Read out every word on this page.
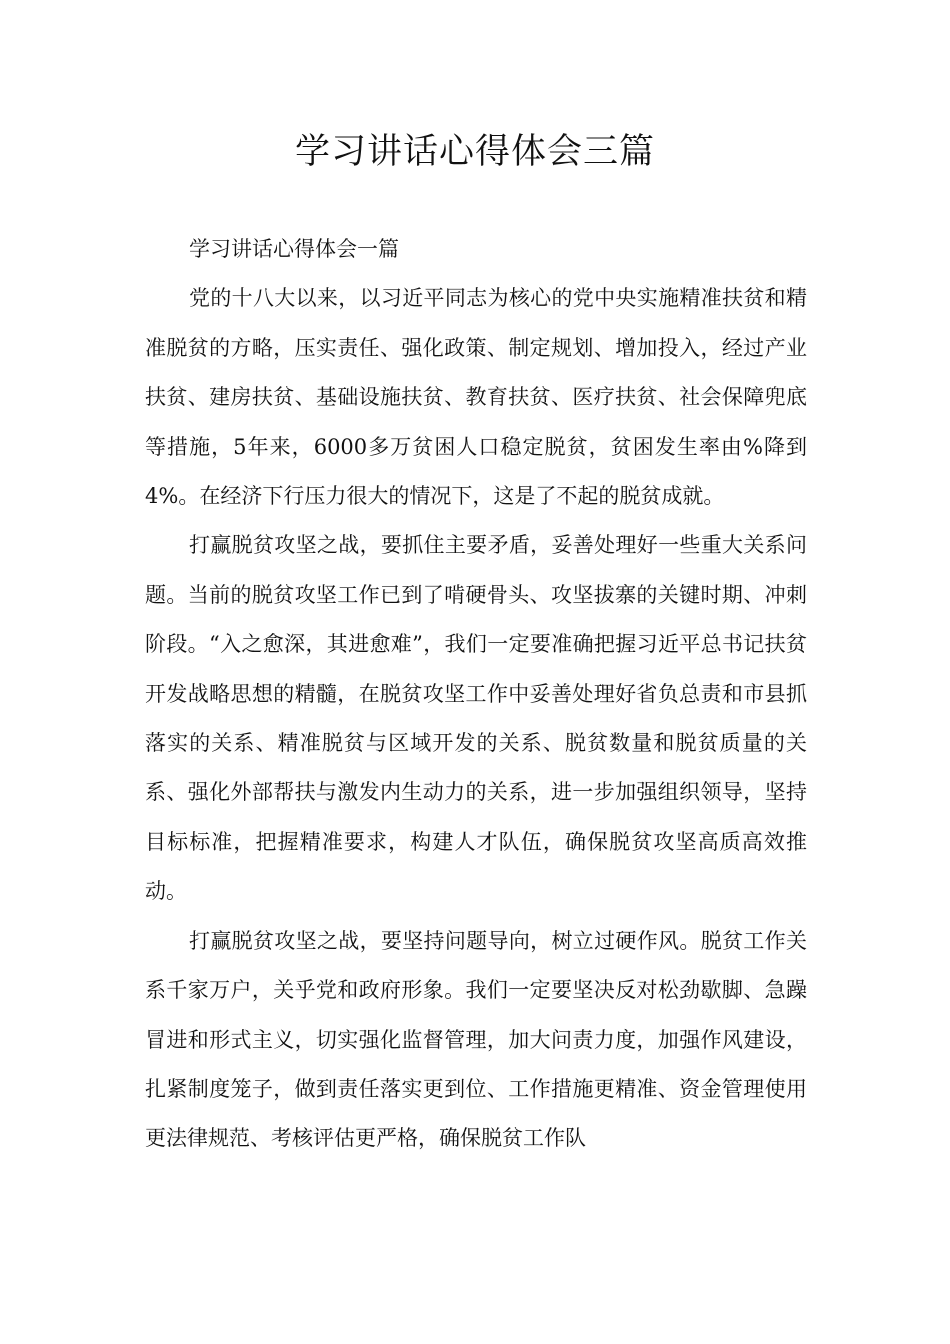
学习讲话心得体会三篇

学习讲话心得体会一篇

党的十八大以来，以习近平同志为核心的党中央实施精准扶贫和精准脱贫的方略，压实责任、强化政策、制定规划、增加投入，经过产业扶贫、建房扶贫、基础设施扶贫、教育扶贫、医疗扶贫、社会保障兜底等措施，5年来，6000多万贫困人口稳定脱贫，贫困发生率由%降到4%。在经济下行压力很大的情况下，这是了不起的脱贫成就。

打赢脱贫攻坚之战，要抓住主要矛盾，妥善处理好一些重大关系问题。当前的脱贫攻坚工作已到了啃硬骨头、攻坚拔寨的关键时期、冲刺阶段。“入之愈深，其进愈难”，我们一定要准确把握习近平总书记扶贫开发战略思想的精髓，在脱贫攻坚工作中妥善处理好省负总责和市县抓落实的关系、精准脱贫与区域开发的关系、脱贫数量和脱贫质量的关系、强化外部帮扶与激发内生动力的关系，进一步加强组织领导，坚持目标标准，把握精准要求，构建人才队伍，确保脱贫攻坚高质高效推动。

打赢脱贫攻坚之战，要坚持问题导向，树立过硬作风。脱贫工作关系千家万户，关乎党和政府形象。我们一定要坚决反对松劲歇脚、急躁冒进和形式主义，切实强化监督管理，加大问责力度，加强作风建设，扎紧制度笼子，做到责任落实更到位、工作措施更精准、资金管理使用更法律规范、考核评估更严格，确保脱贫工作队
